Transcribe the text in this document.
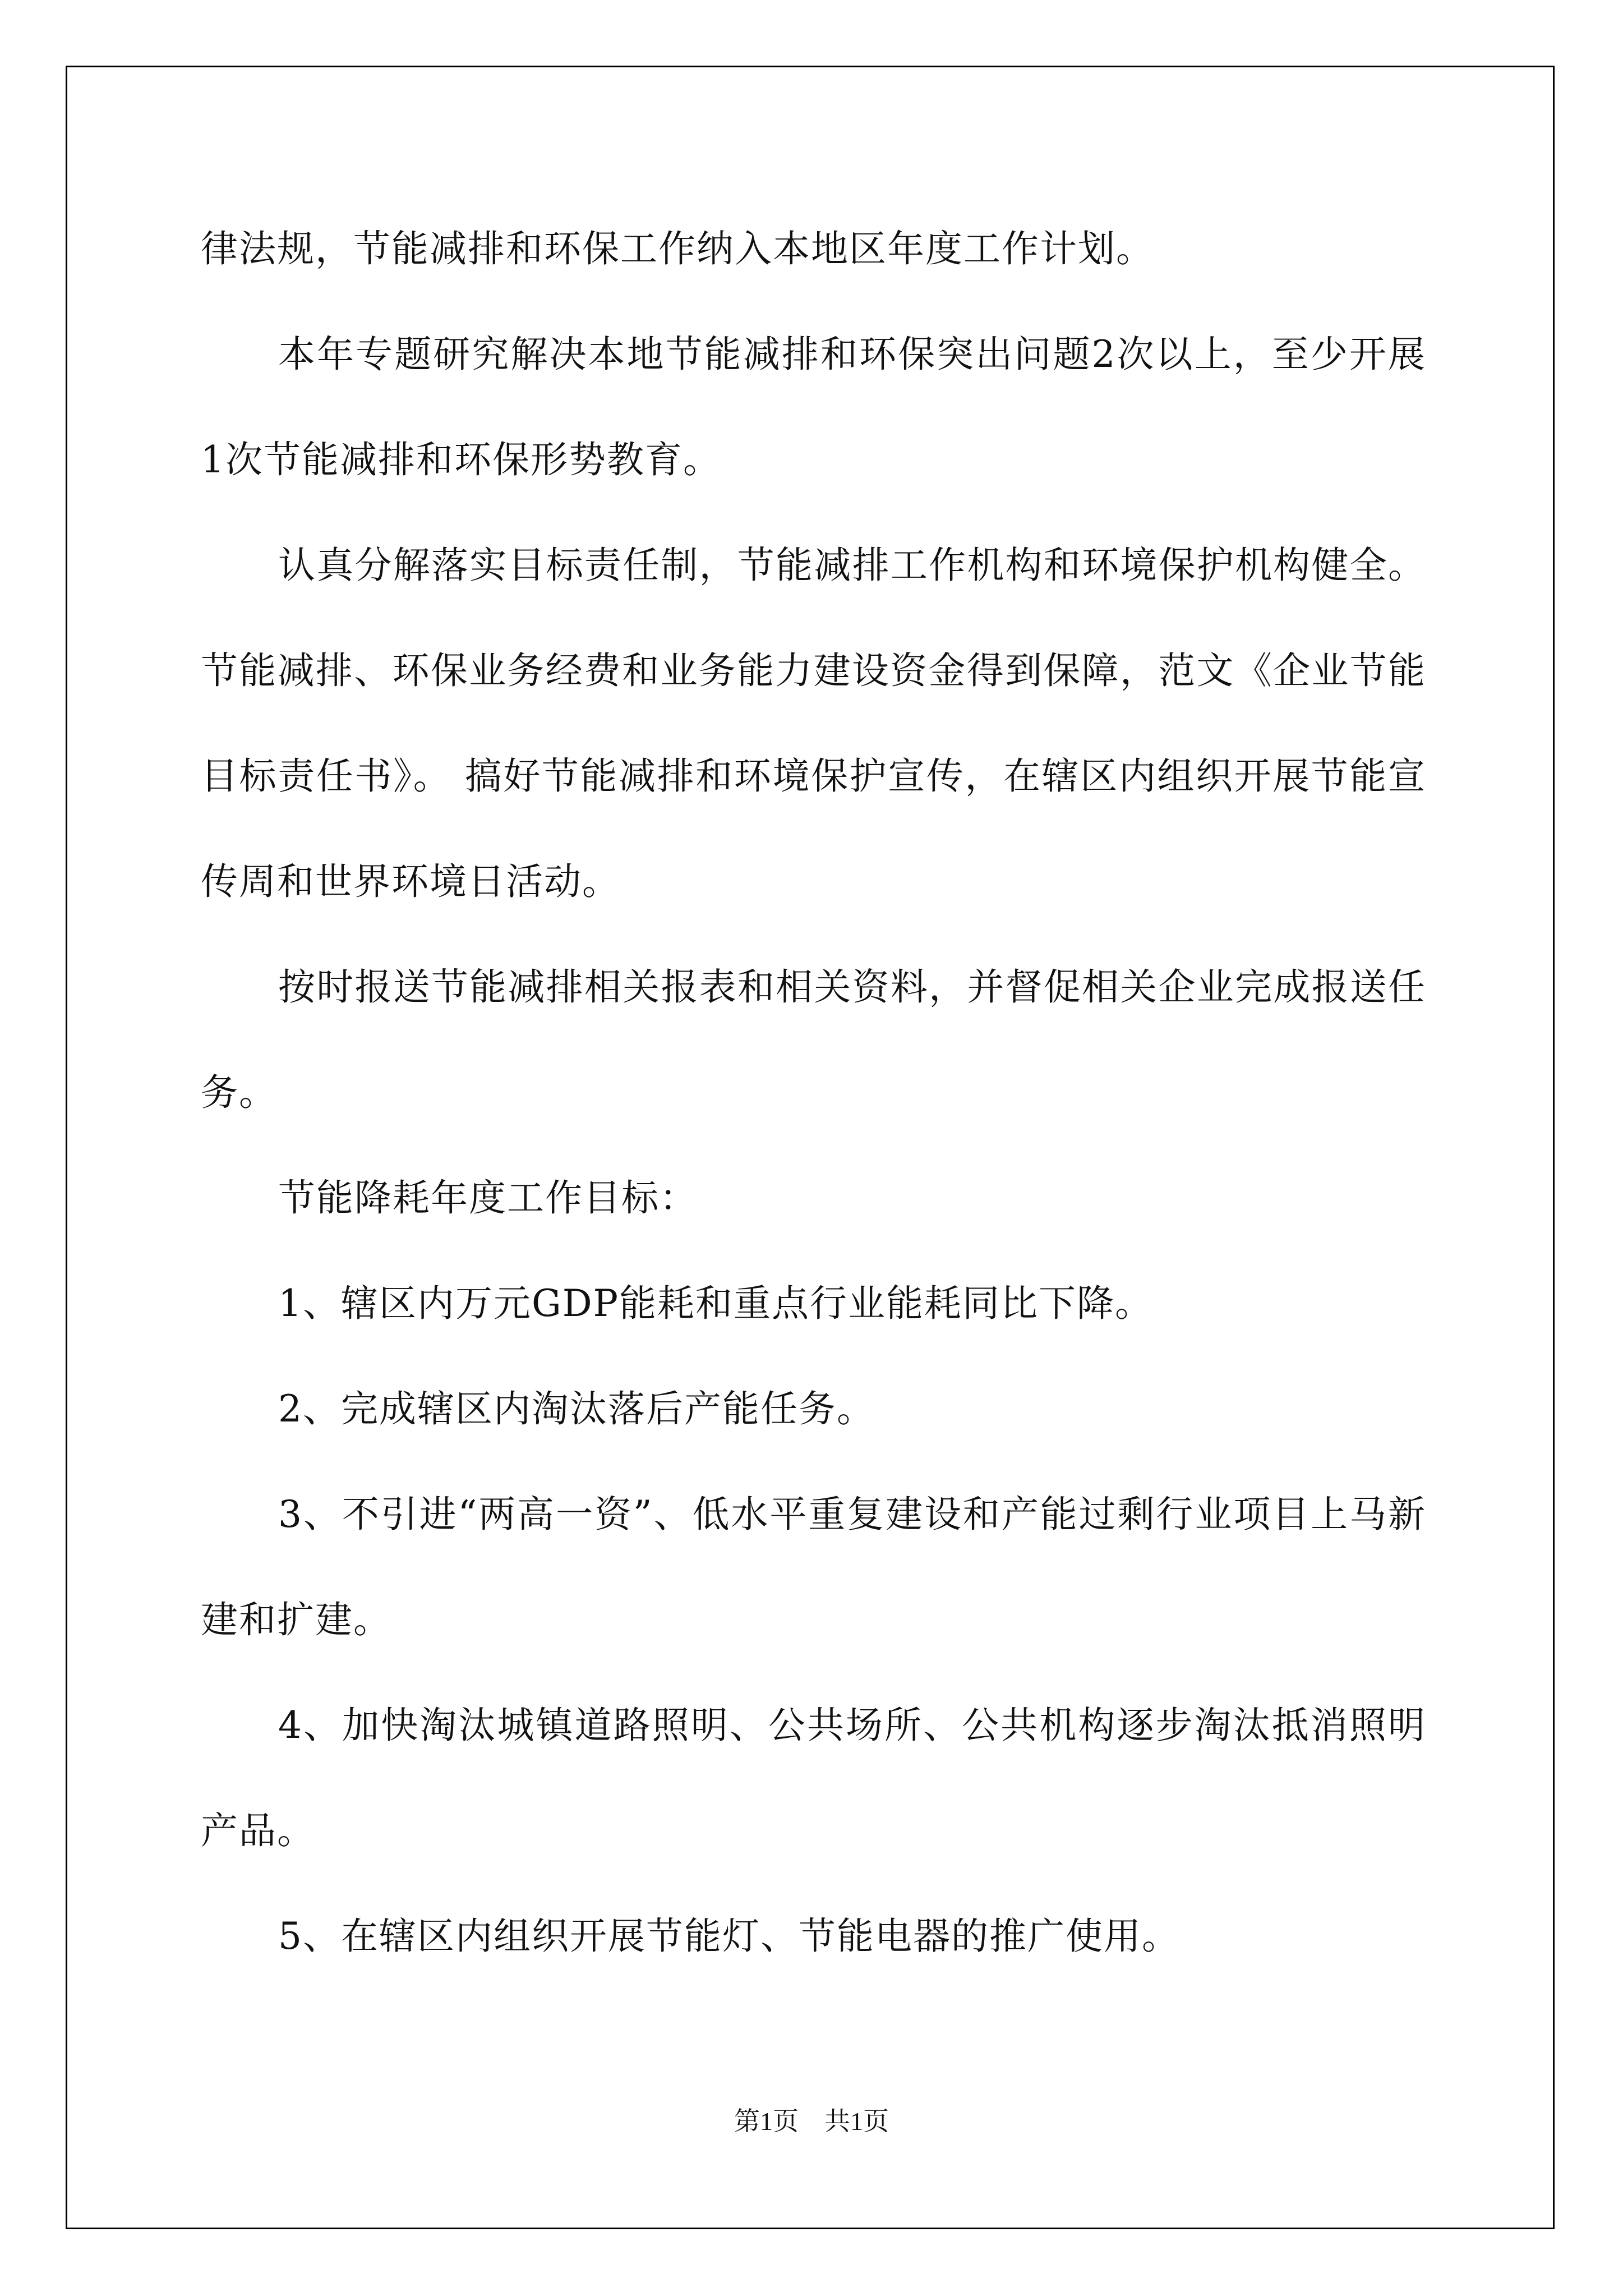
律法规，节能减排和环保工作纳入本地区年度工作计划。

本年专题研究解决本地节能减排和环保突出问题2次以上，至少开展1次节能减排和环保形势教育。

认真分解落实目标责任制，节能减排工作机构和环境保护机构健全。节能减排、环保业务经费和业务能力建设资金得到保障，范文《企业节能目标责任书》。 搞好节能减排和环境保护宣传，在辖区内组织开展节能宣传周和世界环境日活动。

按时报送节能减排相关报表和相关资料，并督促相关企业完成报送任务。

节能降耗年度工作目标：

1、辖区内万元GDP能耗和重点行业能耗同比下降。

2、完成辖区内淘汰落后产能任务。

3、不引进“两高一资”、低水平重复建设和产能过剩行业项目上马新建和扩建。

4、加快淘汰城镇道路照明、公共场所、公共机构逐步淘汰抵消照明产品。

5、在辖区内组织开展节能灯、节能电器的推广使用。

第1页　共1页
